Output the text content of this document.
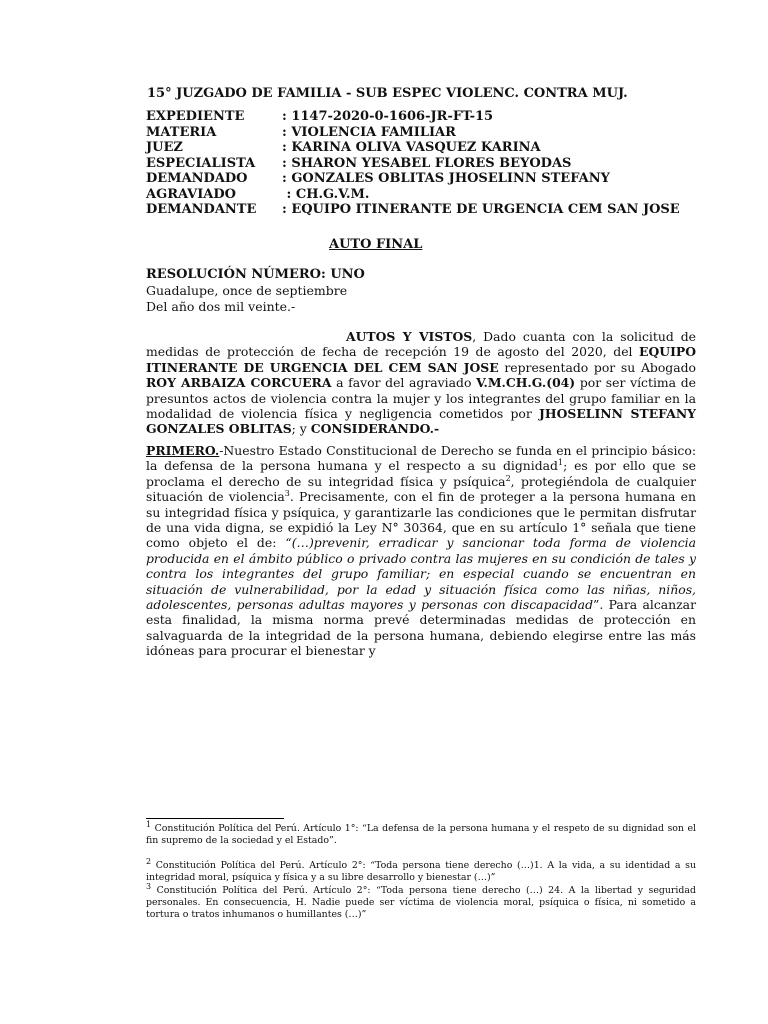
15° JUZGADO DE FAMILIA - SUB ESPEC VIOLENC. CONTRA MUJ.
EXPEDIENTE	: 1147-2020-0-1606-JR-FT-15
MATERIA	: VIOLENCIA FAMILIAR
JUEZ	: KARINA OLIVA VASQUEZ KARINA
ESPECIALISTA : SHARON YESABEL FLORES BEYODAS
DEMANDADO	: GONZALES OBLITAS JHOSELINN STEFANY
AGRAVIADO	: CH.G.V.M.
DEMANDANTE : EQUIPO ITINERANTE DE URGENCIA CEM SAN JOSE
AUTO FINAL
RESOLUCIÓN NÚMERO: UNO
Guadalupe, once de septiembre
Del año dos mil veinte.-
AUTOS Y VISTOS, Dado cuanta con la solicitud de medidas de protección de fecha de recepción 19 de agosto del 2020, del EQUIPO ITINERANTE DE URGENCIA DEL CEM SAN JOSE representado por su Abogado ROY ARBAIZA CORCUERA a favor del agraviado V.M.CH.G.(04) por ser víctima de presuntos actos de violencia contra la mujer y los integrantes del grupo familiar en la modalidad de violencia física y negligencia cometidos por JHOSELINN STEFANY GONZALES OBLITAS; y CONSIDERANDO.-
PRIMERO.-Nuestro Estado Constitucional de Derecho se funda en el principio básico: la defensa de la persona humana y el respecto a su dignidad$^1$; es por ello que se proclama el derecho de su integridad física y psíquica$^2$, protegiéndola de cualquier situación de violencia$^3$. Precisamente, con el fin de proteger a la persona humana en su integridad física y psíquica, y garantizarle las condiciones que le permitan disfrutar de una vida digna, se expidió la Ley N° 30364, que en su artículo 1° señala que tiene como objeto el de: “(…)prevenir, erradicar y sancionar toda forma de violencia producida en el ámbito público o privado contra las mujeres en su condición de tales y contra los integrantes del grupo familiar; en especial cuando se encuentran en situación de vulnerabilidad, por la edad y situación física como las niñas, niños, adolescentes, personas adultas mayores y personas con discapacidad”. Para alcanzar esta finalidad, la misma norma prevé determinadas medidas de protección en salvaguarda de la integridad de la persona humana, debiendo elegirse entre las más idóneas para procurar el bienestar y
$^1$ Constitución Política del Perú. Artículo 1°: “La defensa de la persona humana y el respeto de su dignidad son el fin supremo de la sociedad y el Estado”.
$^2$ Constitución Política del Perú. Artículo 2°: “Toda persona tiene derecho (…)1. A la vida, a su identidad a su integridad moral, psíquica y física y a su libre desarrollo y bienestar (…)”
$^3$ Constitución Política del Perú. Artículo 2°: “Toda persona tiene derecho (…) 24. A la libertad y seguridad personales. En consecuencia, H. Nadie puede ser víctima de violencia moral, psíquica o física, ni sometido a tortura o tratos inhumanos o humillantes (…)”
